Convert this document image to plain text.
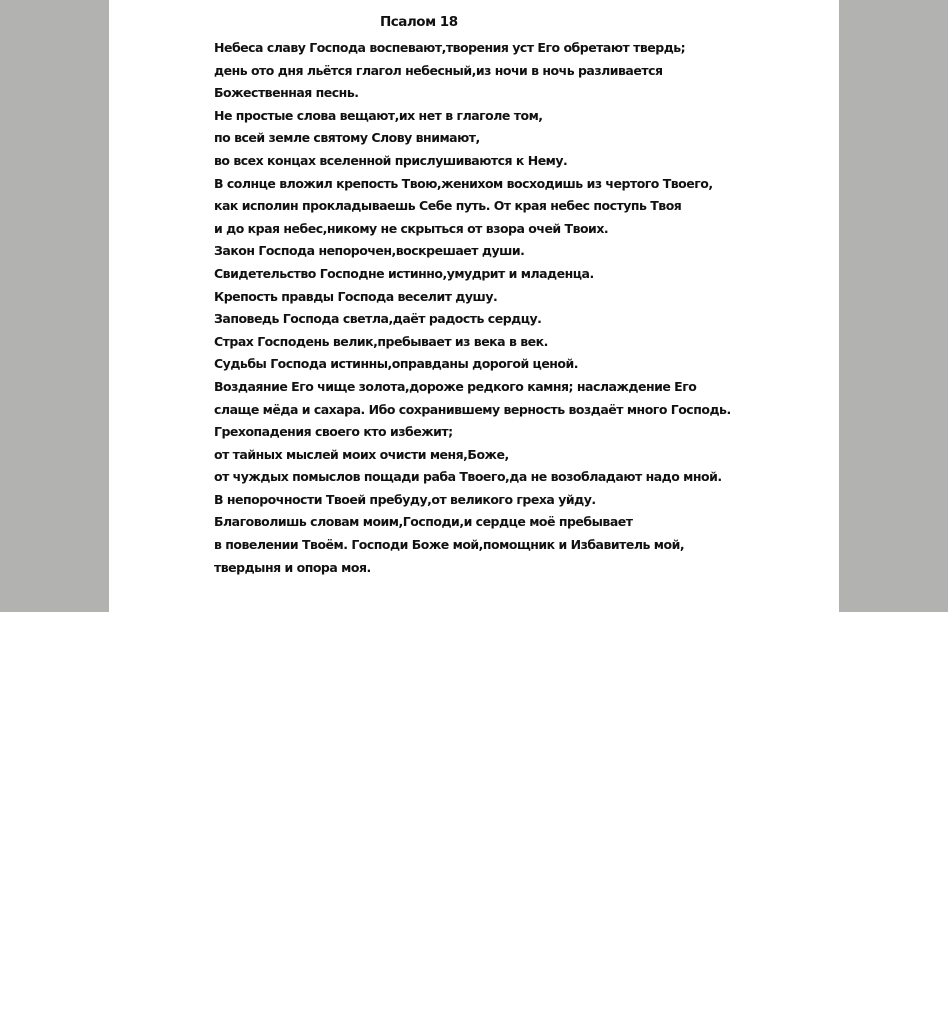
Псалом 18
Небеса славу Господа воспевают,творения уст Его обретают твердь;
день ото дня льётся глагол небесный,из ночи в ночь разливается
Божественная песнь.
Не простые слова вещают,их нет в глаголе том,
по всей земле святому Слову внимают,
во всех концах вселенной прислушиваются к Нему.
В солнце вложил крепость Твою,женихом восходишь из чертого Твоего,
как исполин прокладываешь Себе путь. От края небес поступь Твоя
и до края небес,никому не скрыться от взора очей Твоих.
Закон Господа непорочен,воскрешает души.
Свидетельство Господне истинно,умудрит и младенца.
Крепость правды Господа веселит душу.
Заповедь Господа светла,даёт радость сердцу.
Страх Господень велик,пребывает из века в век.
Судьбы Господа истинны,оправданы дорогой ценой.
Воздаяние Его чище золота,дороже редкого камня; наслаждение Его
слаще мёда и сахара. Ибо сохранившему верность воздаёт много Господь.
Грехопадения своего кто избежит;
от тайных мыслей моих очисти меня,Боже,
от чуждых помыслов пощади раба Твоего,да не возобладают надо мной.
В непорочности Твоей пребуду,от великого греха уйду.
Благоволишь словам моим,Господи,и сердце моё пребывает
в повелении Твоём. Господи Боже мой,помощник и Избавитель мой,
твердыня и опора моя.
